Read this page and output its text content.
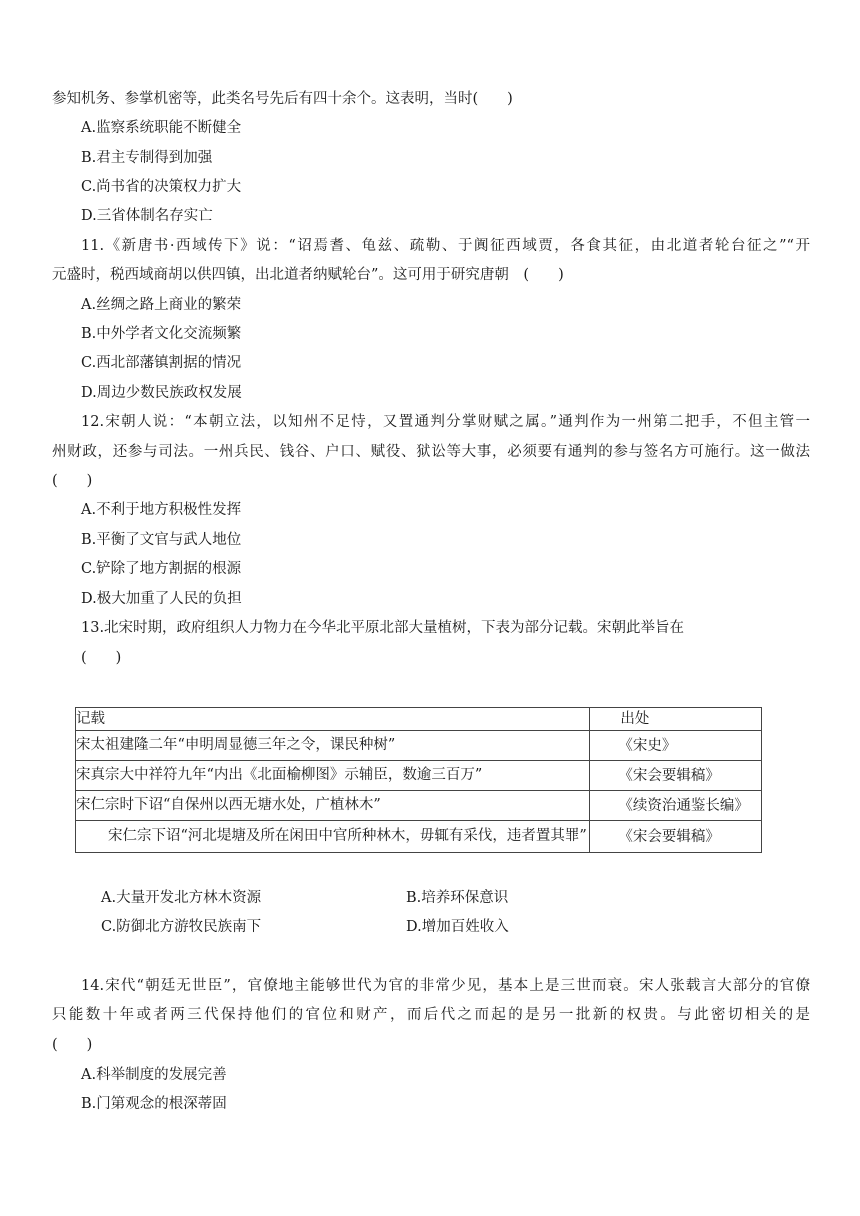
参知机务、参掌机密等，此类名号先后有四十余个。这表明，当时(　　)
A.监察系统职能不断健全
B.君主专制得到加强
C.尚书省的决策权力扩大
D.三省体制名存实亡
11.《新唐书·西域传下》说：“诏焉耆、龟兹、疏勒、于阗征西域贾，各食其征，由北道者轮台征之”“开
元盛时，税西域商胡以供四镇，出北道者纳赋轮台”。这可用于研究唐朝　(　　)
A.丝绸之路上商业的繁荣
B.中外学者文化交流频繁
C.西北部藩镇割据的情况
D.周边少数民族政权发展
12.宋朝人说：“本朝立法，以知州不足恃，又置通判分掌财赋之属。”通判作为一州第二把手，不但主管一
州财政，还参与司法。一州兵民、钱谷、户口、赋役、狱讼等大事，必须要有通判的参与签名方可施行。这一做法
(　　)
A.不利于地方积极性发挥
B.平衡了文官与武人地位
C.铲除了地方割据的根源
D.极大加重了人民的负担
13.北宋时期，政府组织人力物力在今华北平原北部大量植树，下表为部分记载。宋朝此举旨在
(　　)
记载	出处
宋太祖建隆二年“申明周显德三年之令，课民种树”	《宋史》
宋真宗大中祥符九年“内出《北面榆柳图》示辅臣，数逾三百万”	《宋会要辑稿》
宋仁宗时下诏“自保州以西无塘水处，广植林木”	《续资治通鉴长编》
宋仁宗下诏“河北堤塘及所在闲田中官所种林木，毋辄有采伐，违者置其罪”	《宋会要辑稿》
A.大量开发北方林木资源	B.培养环保意识
C.防御北方游牧民族南下	D.增加百姓收入
14.宋代“朝廷无世臣”，官僚地主能够世代为官的非常少见，基本上是三世而衰。宋人张载言大部分的官僚
只能数十年或者两三代保持他们的官位和财产，而后代之而起的是另一批新的权贵。与此密切相关的是
(　　)
A.科举制度的发展完善
B.门第观念的根深蒂固
